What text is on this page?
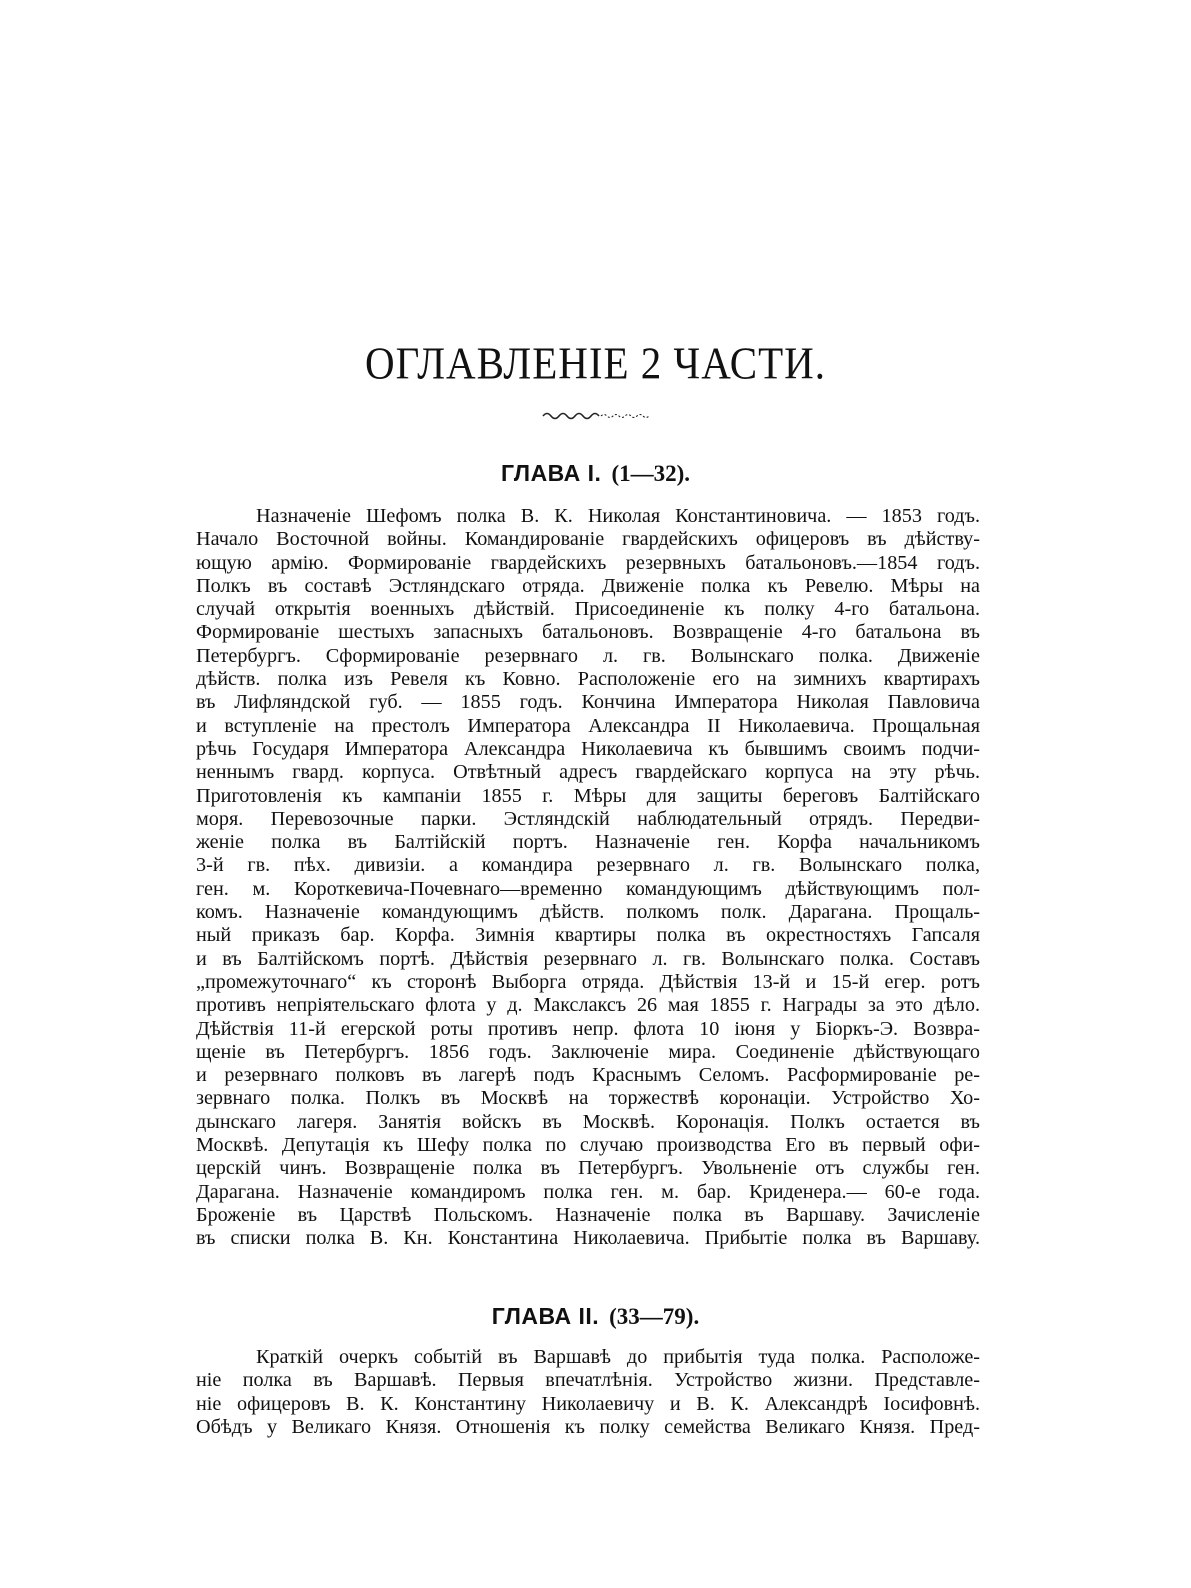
ОГЛАВЛЕНІЕ 2 ЧАСТИ.
ГЛАВА I. (1—32).
Назначеніе Шефомъ полка В. К. Николая Константиновича. — 1853 годъ.
Начало Восточной войны. Командированіе гвардейскихъ офицеровъ въ дѣйству-
ющую армію. Формированіе гвардейскихъ резервныхъ батальоновъ.—1854 годъ.
Полкъ въ составѣ Эстляндскаго отряда. Движеніе полка къ Ревелю. Мѣры на
случай открытія военныхъ дѣйствій. Присоединеніе къ полку 4-го батальона.
Формированіе шестыхъ запасныхъ батальоновъ. Возвращеніе 4-го батальона въ
Петербургъ. Сформированіе резервнаго л. гв. Волынскаго полка. Движеніе
дѣйств. полка изъ Ревеля къ Ковно. Расположеніе его на зимнихъ квартирахъ
въ Лифляндской губ. — 1855 годъ. Кончина Императора Николая Павловича
и вступленіе на престолъ Императора Александра II Николаевича. Прощальная
рѣчь Государя Императора Александра Николаевича къ бывшимъ своимъ подчи-
неннымъ гвард. корпуса. Отвѣтный адресъ гвардейскаго корпуса на эту рѣчь.
Приготовленія къ кампаніи 1855 г. Мѣры для защиты береговъ Балтійскаго
моря. Перевозочные парки. Эстляндскій наблюдательный отрядъ. Передви-
женіе полка въ Балтійскій портъ. Назначеніе ген. Корфа начальникомъ
3-й гв. пѣх. дивизіи. а командира резервнаго л. гв. Волынскаго полка,
ген. м. Короткевича-Почевнаго—временно командующимъ дѣйствующимъ пол-
комъ. Назначеніе командующимъ дѣйств. полкомъ полк. Дарагана. Прощаль-
ный приказъ бар. Корфа. Зимнія квартиры полка въ окрестностяхъ Гапсаля
и въ Балтійскомъ портѣ. Дѣйствія резервнаго л. гв. Волынскаго полка. Составъ
„промежуточнаго“ къ сторонѣ Выборга отряда. Дѣйствія 13-й и 15-й егер. ротъ
противъ непріятельскаго флота у д. Макслаксъ 26 мая 1855 г. Награды за это дѣло.
Дѣйствія 11-й егерской роты противъ непр. флота 10 іюня у Біоркъ-Э. Возвра-
щеніе въ Петербургъ. 1856 годъ. Заключеніе мира. Соединеніе дѣйствующаго
и резервнаго полковъ въ лагерѣ подъ Краснымъ Селомъ. Расформированіе ре-
зервнаго полка. Полкъ въ Москвѣ на торжествѣ коронаціи. Устройство Хо-
дынскаго лагеря. Занятія войскъ въ Москвѣ. Коронація. Полкъ остается въ
Москвѣ. Депутація къ Шефу полка по случаю производства Его въ первый офи-
церскій чинъ. Возвращеніе полка въ Петербургъ. Увольненіе отъ службы ген.
Дарагана. Назначеніе командиромъ полка ген. м. бар. Криденера.— 60-е года.
Броженіе въ Царствѣ Польскомъ. Назначеніе полка въ Варшаву. Зачисленіе
въ списки полка В. Кн. Константина Николаевича. Прибытіе полка въ Варшаву.
ГЛАВА II. (33—79).
Краткій очеркъ событій въ Варшавѣ до прибытія туда полка. Расположе-
ніе полка въ Варшавѣ. Первыя впечатлѣнія. Устройство жизни. Представле-
ніе офицеровъ В. К. Константину Николаевичу и В. К. Александрѣ Іосифовнѣ.
Обѣдъ у Великаго Князя. Отношенія къ полку семейства Великаго Князя. Пред-
